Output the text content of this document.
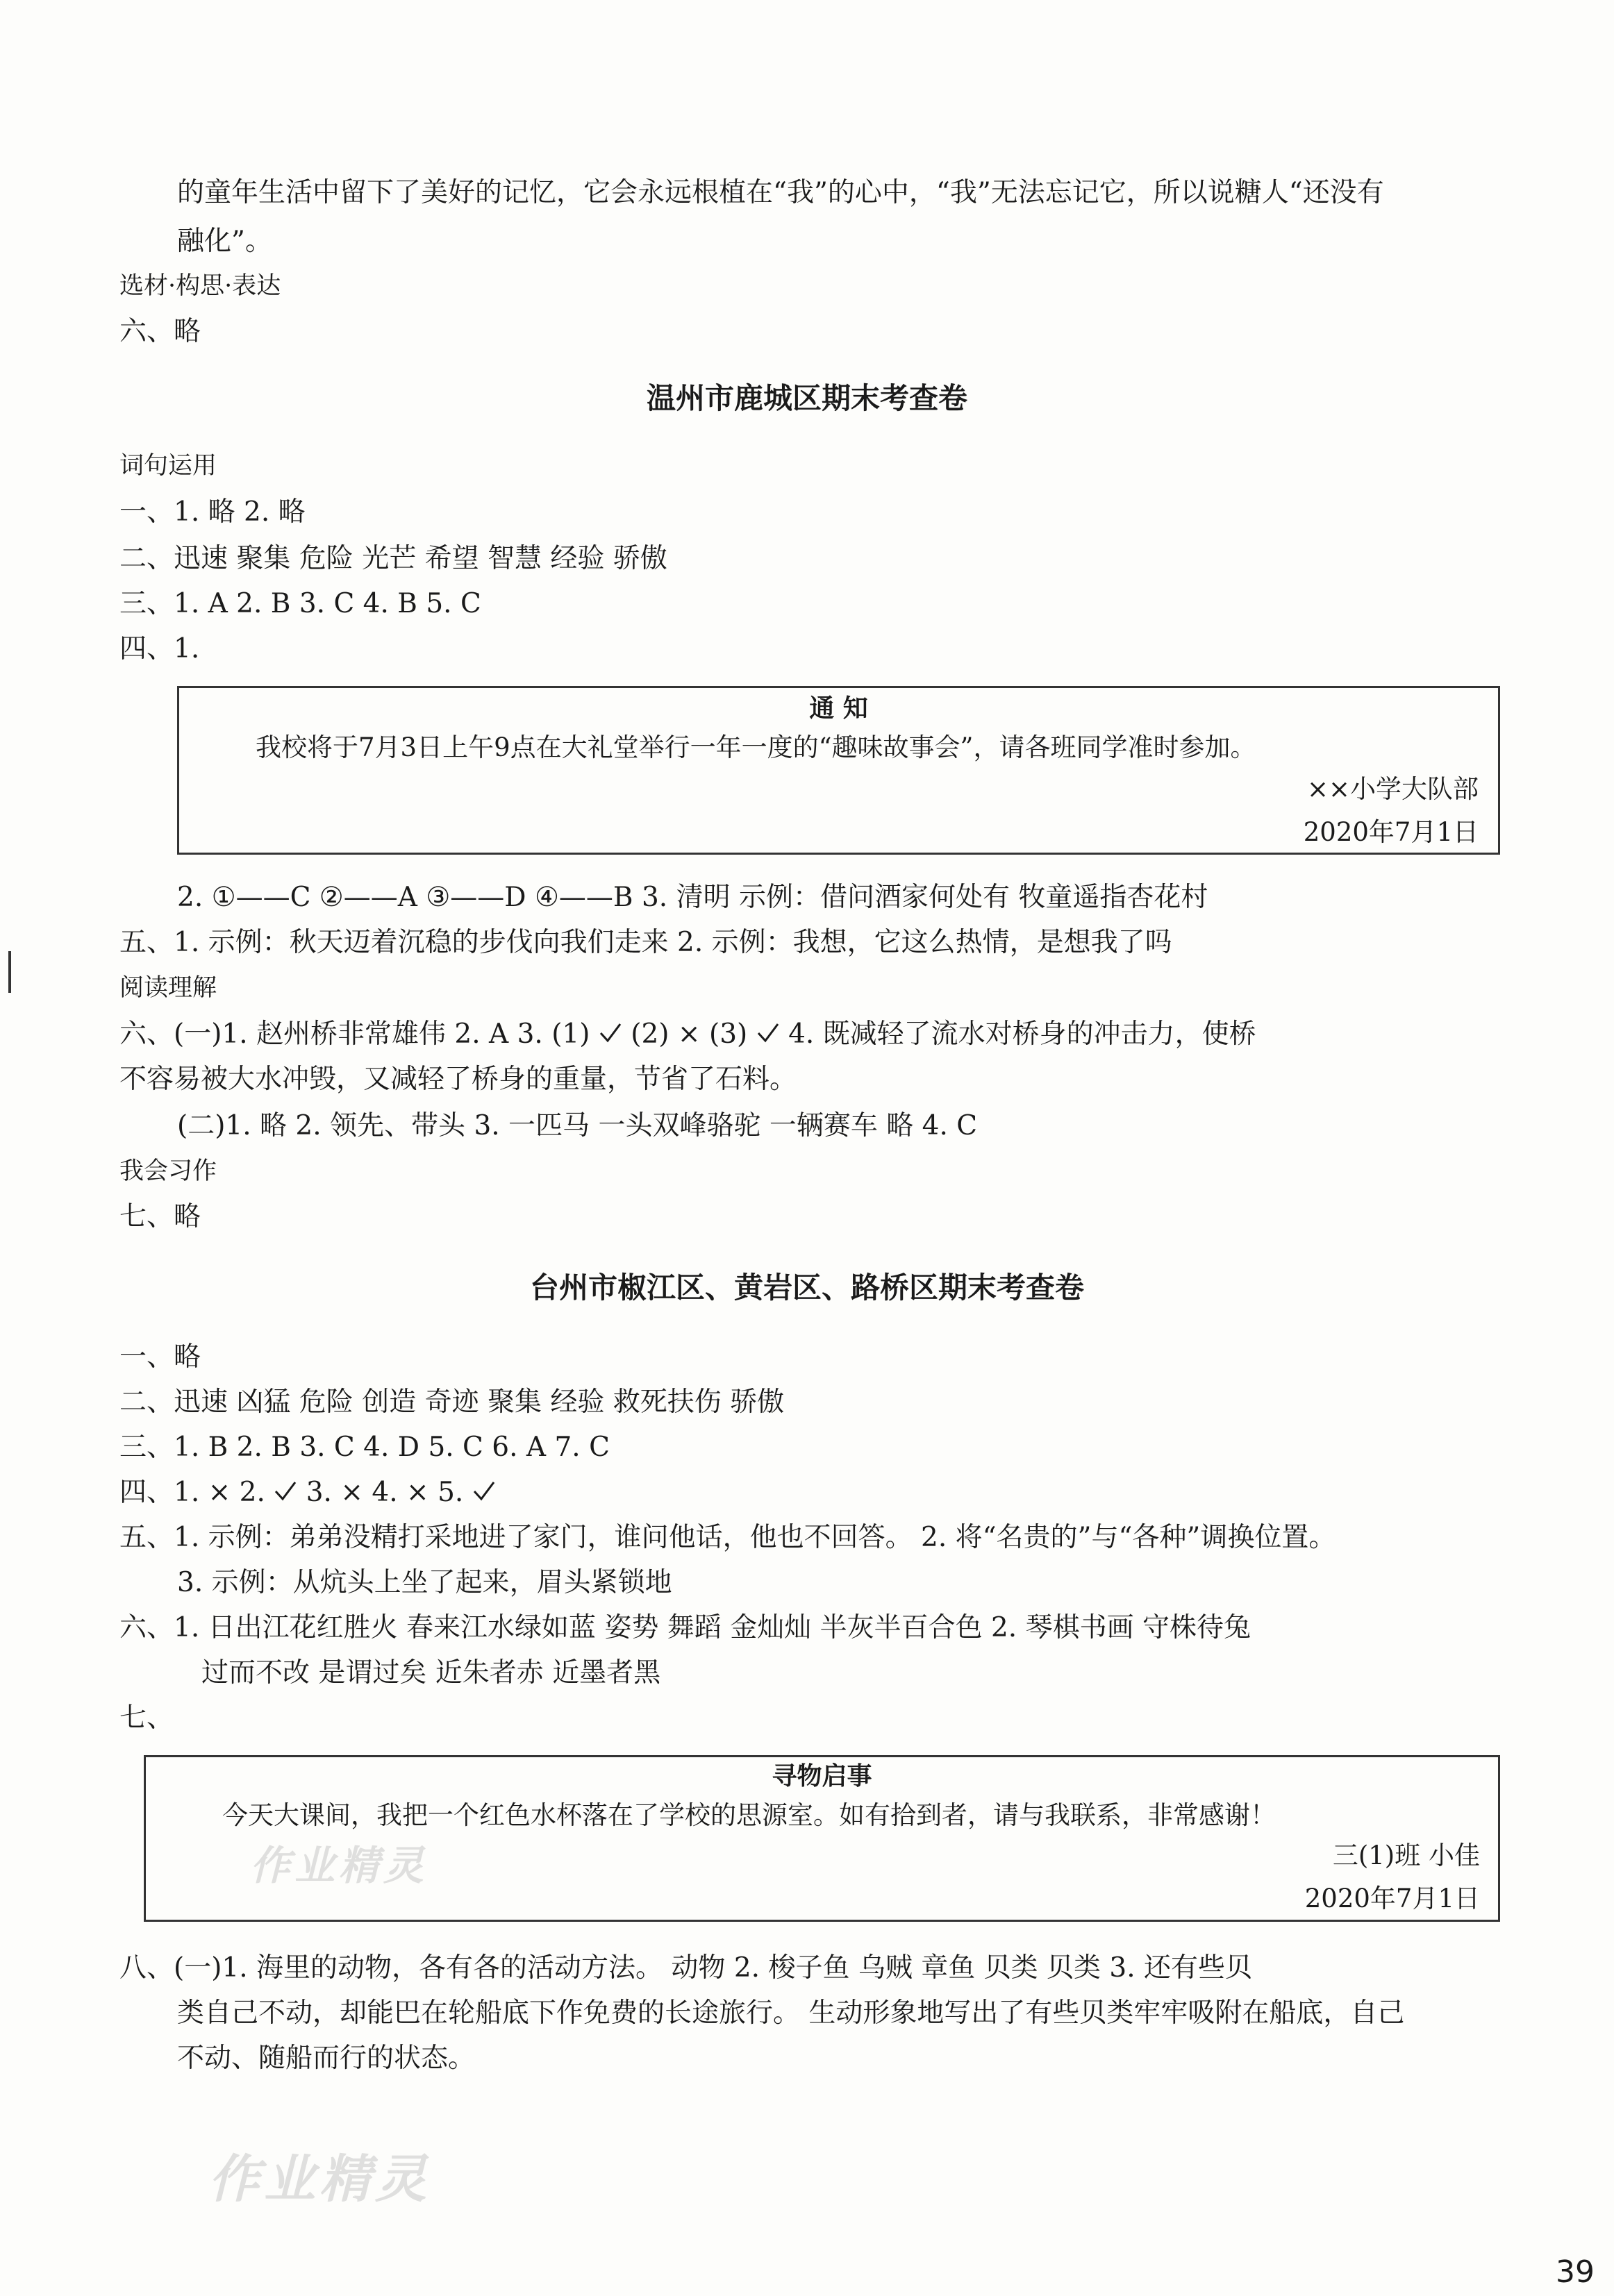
的童年生活中留下了美好的记忆，它会永远根植在“我”的心中，“我”无法忘记它，所以说糖人“还没有
融化”。
选材·构思·表达
六、略
温州市鹿城区期末考查卷
词句运用
一、1. 略 2. 略
二、迅速 聚集 危险 光芒 希望 智慧 经验 骄傲
三、1. A 2. B 3. C 4. B 5. C
四、1.
通 知
我校将于7月3日上午9点在大礼堂举行一年一度的“趣味故事会”，请各班同学准时参加。
××小学大队部
2020年7月1日
2. ①——C ②——A ③——D ④——B 3. 清明 示例：借问酒家何处有 牧童遥指杏花村
五、1. 示例：秋天迈着沉稳的步伐向我们走来 2. 示例：我想，它这么热情，是想我了吗
阅读理解
六、(一)1. 赵州桥非常雄伟 2. A 3. (1) (2) × (3) 4. 既减轻了流水对桥身的冲击力，使桥
不容易被大水冲毁，又减轻了桥身的重量，节省了石料。
(二)1. 略 2. 领先、带头 3. 一匹马 一头双峰骆驼 一辆赛车 略 4. C
我会习作
七、略
台州市椒江区、黄岩区、路桥区期末考查卷
一、略
二、迅速 凶猛 危险 创造 奇迹 聚集 经验 救死扶伤 骄傲
三、1. B 2. B 3. C 4. D 5. C 6. A 7. C
四、1. × 2. 3. × 4. × 5.
五、1. 示例：弟弟没精打采地进了家门，谁问他话，他也不回答。 2. 将“名贵的”与“各种”调换位置。
3. 示例：从炕头上坐了起来，眉头紧锁地
六、1. 日出江花红胜火 春来江水绿如蓝 姿势 舞蹈 金灿灿 半灰半百合色 2. 琴棋书画 守株待兔
过而不改 是谓过矣 近朱者赤 近墨者黑
七、
寻物启事
今天大课间，我把一个红色水杯落在了学校的思源室。如有拾到者，请与我联系，非常感谢！
三(1)班 小佳
2020年7月1日
八、(一)1. 海里的动物，各有各的活动方法。 动物 2. 梭子鱼 乌贼 章鱼 贝类 贝类 3. 还有些贝
类自己不动，却能巴在轮船底下作免费的长途旅行。 生动形象地写出了有些贝类牢牢吸附在船底，自己
不动、随船而行的状态。
作业精灵
作业精灵
39
